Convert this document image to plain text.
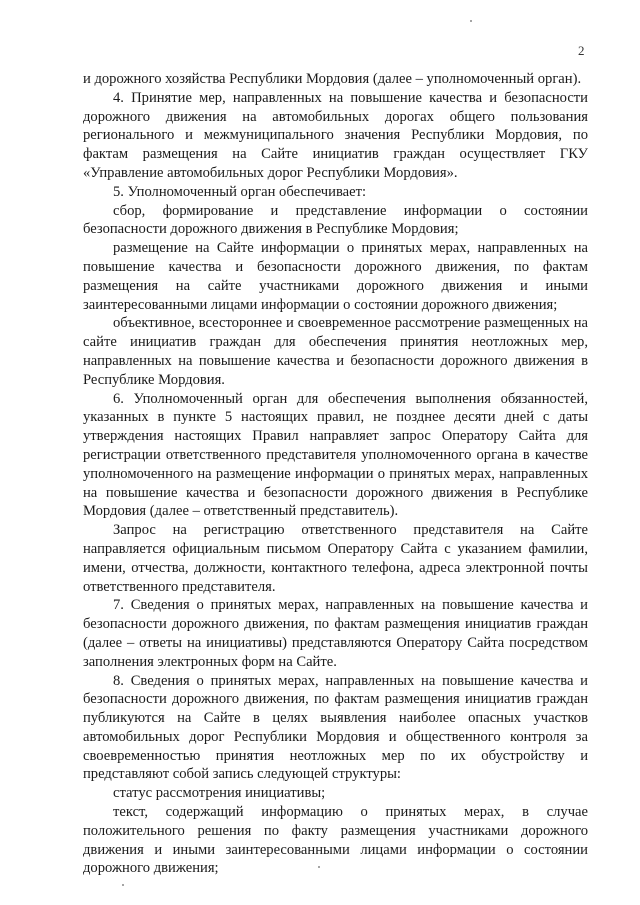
2

и дорожного хозяйства Республики Мордовия (далее – уполномоченный орган).

4. Принятие мер, направленных на повышение качества и безопасности дорожного движения на автомобильных дорогах общего пользования регионального и межмуниципального значения Республики Мордовия, по фактам размещения на Сайте инициатив граждан осуществляет ГКУ «Управление автомобильных дорог Республики Мордовия».

5. Уполномоченный орган обеспечивает:

сбор, формирование и представление информации о состоянии безопасности дорожного движения в Республике Мордовия;

размещение на Сайте информации о принятых мерах, направленных на повышение качества и безопасности дорожного движения, по фактам размещения на сайте участниками дорожного движения и иными заинтересованными лицами информации о состоянии дорожного движения;

объективное, всестороннее и своевременное рассмотрение размещенных на сайте инициатив граждан для обеспечения принятия неотложных мер, направленных на повышение качества и безопасности дорожного движения в Республике Мордовия.

6. Уполномоченный орган для обеспечения выполнения обязанностей, указанных в пункте 5 настоящих правил, не позднее десяти дней с даты утверждения настоящих Правил направляет запрос Оператору Сайта для регистрации ответственного представителя уполномоченного органа в качестве уполномоченного на размещение информации о принятых мерах, направленных на повышение качества и безопасности дорожного движения в Республике Мордовия (далее – ответственный представитель).

Запрос на регистрацию ответственного представителя на Сайте направляется официальным письмом Оператору Сайта с указанием фамилии, имени, отчества, должности, контактного телефона, адреса электронной почты ответственного представителя.

7. Сведения о принятых мерах, направленных на повышение качества и безопасности дорожного движения, по фактам размещения инициатив граждан (далее – ответы на инициативы) представляются Оператору Сайта посредством заполнения электронных форм на Сайте.

8. Сведения о принятых мерах, направленных на повышение качества и безопасности дорожного движения, по фактам размещения инициатив граждан публикуются на Сайте в целях выявления наиболее опасных участков автомобильных дорог Республики Мордовия и общественного контроля за своевременностью принятия неотложных мер по их обустройству и представляют собой запись следующей структуры:

статус рассмотрения инициативы;

текст, содержащий информацию о принятых мерах, в случае положительного решения по факту размещения участниками дорожного движения и иными заинтересованными лицами информации о состоянии дорожного движения;
